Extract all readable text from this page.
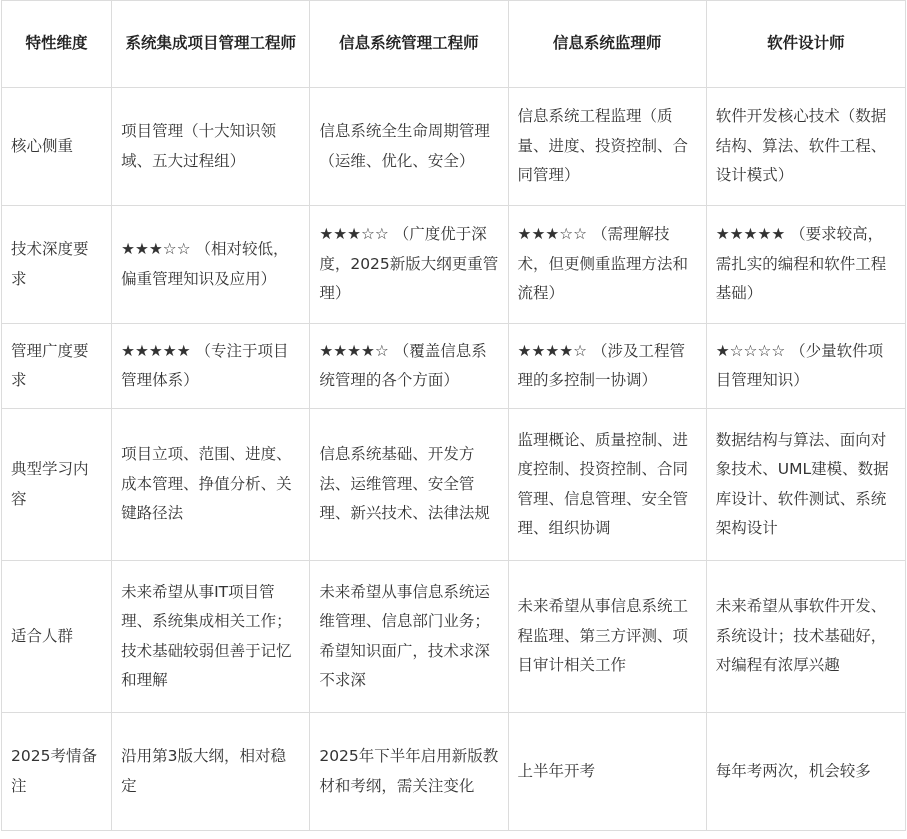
特性维度	系统集成项目管理工程师	信息系统管理工程师	信息系统监理师	软件设计师
核心侧重	项目管理（十大知识领域、五大过程组）	信息系统全生命周期管理（运维、优化、安全）	信息系统工程监理（质量、进度、投资控制、合同管理）	软件开发核心技术（数据结构、算法、软件工程、设计模式）
技术深度要求	★★★☆☆ （相对较低，偏重管理知识及应用）	★★★☆☆ （广度优于深度，2025新版大纲更重管理）	★★★☆☆ （需理解技术，但更侧重监理方法和流程）	★★★★★ （要求较高，需扎实的编程和软件工程基础）
管理广度要求	★★★★★ （专注于项目管理体系）	★★★★☆ （覆盖信息系统管理的各个方面）	★★★★☆ （涉及工程管理的多控制一协调）	★☆☆☆☆ （少量软件项目管理知识）
典型学习内容	项目立项、范围、进度、成本管理、挣值分析、关键路径法	信息系统基础、开发方法、运维管理、安全管理、新兴技术、法律法规	监理概论、质量控制、进度控制、投资控制、合同管理、信息管理、安全管理、组织协调	数据结构与算法、面向对象技术、UML建模、数据库设计、软件测试、系统架构设计
适合人群	未来希望从事IT项目管理、系统集成相关工作；技术基础较弱但善于记忆和理解	未来希望从事信息系统运维管理、信息部门业务；希望知识面广，技术求深不求深	未来希望从事信息系统工程监理、第三方评测、项目审计相关工作	未来希望从事软件开发、系统设计；技术基础好，对编程有浓厚兴趣
2025考情备注	沿用第3版大纲，相对稳定	2025年下半年启用新版教材和考纲，需关注变化	上半年开考	每年考两次，机会较多
